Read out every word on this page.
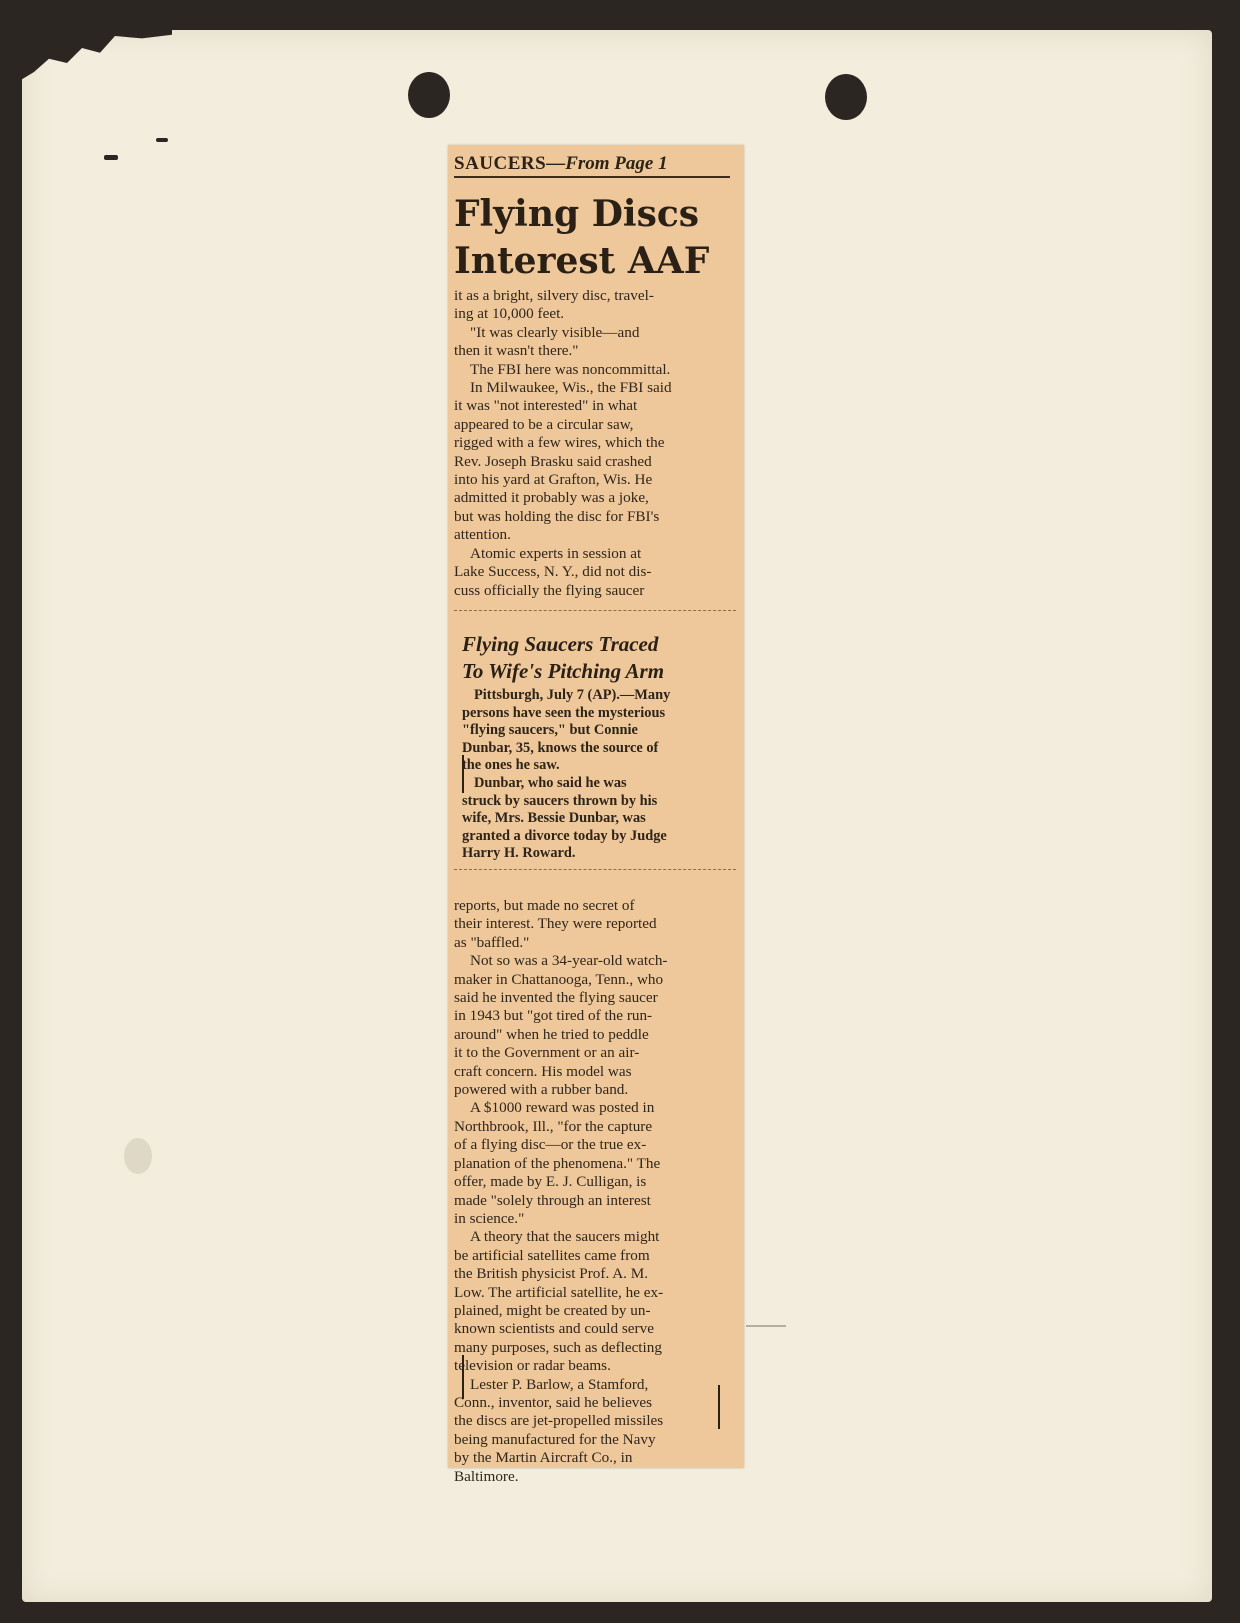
SAUCERS—From Page 1
Flying Discs
Interest AAF
it as a bright, silvery disc, travel-
ing at 10,000 feet.
"It was clearly visible—and
then it wasn't there."
The FBI here was noncommittal.
In Milwaukee, Wis., the FBI said
it was "not interested" in what
appeared to be a circular saw,
rigged with a few wires, which the
Rev. Joseph Brasku said crashed
into his yard at Grafton, Wis. He
admitted it probably was a joke,
but was holding the disc for FBI's
attention.
Atomic experts in session at
Lake Success, N. Y., did not dis-
cuss officially the flying saucer
Flying Saucers Traced
To Wife's Pitching Arm
Pittsburgh, July 7 (AP).—Many
persons have seen the mysterious
"flying saucers," but Connie
Dunbar, 35, knows the source of
the ones he saw.
Dunbar, who said he was
struck by saucers thrown by his
wife, Mrs. Bessie Dunbar, was
granted a divorce today by Judge
Harry H. Roward.
reports, but made no secret of
their interest. They were reported
as "baffled."
Not so was a 34-year-old watch-
maker in Chattanooga, Tenn., who
said he invented the flying saucer
in 1943 but "got tired of the run-
around" when he tried to peddle
it to the Government or an air-
craft concern. His model was
powered with a rubber band.
A $1000 reward was posted in
Northbrook, Ill., "for the capture
of a flying disc—or the true ex-
planation of the phenomena." The
offer, made by E. J. Culligan, is
made "solely through an interest
in science."
A theory that the saucers might
be artificial satellites came from
the British physicist Prof. A. M.
Low. The artificial satellite, he ex-
plained, might be created by un-
known scientists and could serve
many purposes, such as deflecting
television or radar beams.
Lester P. Barlow, a Stamford,
Conn., inventor, said he believes
the discs are jet-propelled missiles
being manufactured for the Navy
by the Martin Aircraft Co., in
Baltimore.
